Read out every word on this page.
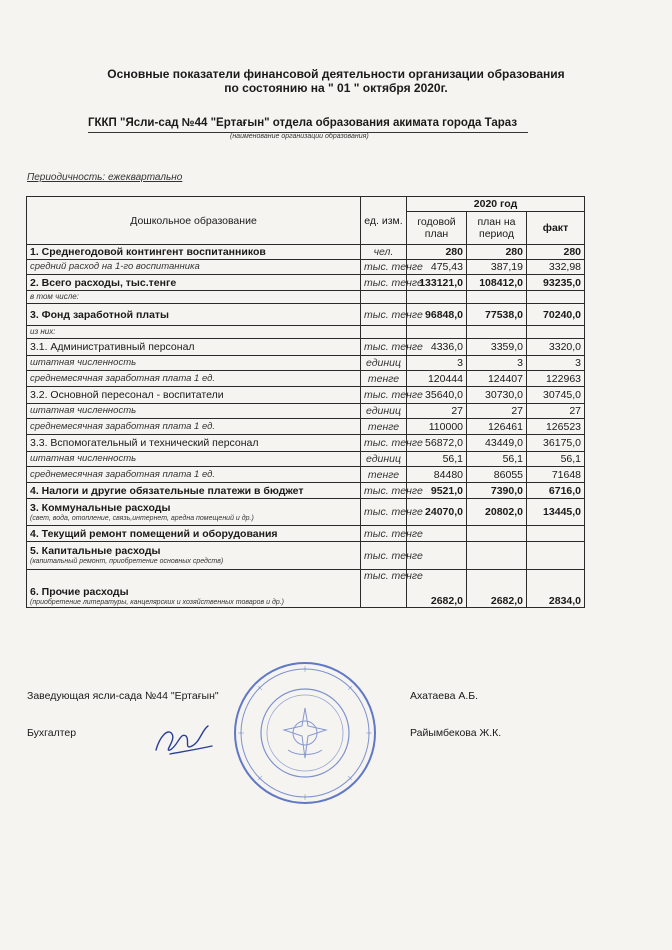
Основные показатели финансовой деятельности организации образования
по состоянию на " 01 " октября 2020г.
ГККП "Ясли-сад №44 "Ертағын" отдела образования акимата города Тараз
(наименование организации образования)
Периодичность: ежеквартально
Дошкольное образование	ед. изм.	2020 год		
		годовой план	план на период	факт
1. Среднегодовой контингент воспитанников	чел.	280	280	280
средний расход на 1-го воспитанника	тыс. тенге	475,43	387,19	332,98
2. Всего расходы, тыс.тенге	тыс. тенге	133121,0	108412,0	93235,0
в том числе:				
3. Фонд заработной платы	тыс. тенге	96848,0	77538,0	70240,0
из них:				
3.1. Административный персонал	тыс. тенге	4336,0	3359,0	3320,0
штатная численность	единиц	3	3	3
среднемесячная заработная плата 1 ед.	тенге	120444	124407	122963
3.2. Основной пересонал - воспитатели	тыс. тенге	35640,0	30730,0	30745,0
штатная численность	единиц	27	27	27
среднемесячная заработная плата 1 ед.	тенге	110000	126461	126523
3.3. Вспомогательный и технический персонал	тыс. тенге	56872,0	43449,0	36175,0
штатная численность	единиц	56,1	56,1	56,1
среднемесячная заработная плата 1 ед.	тенге	84480	86055	71648
4. Налоги и другие обязательные платежи в бюджет	тыс. тенге	9521,0	7390,0	6716,0
3. Коммунальные расходы
(свет, вода, отопление, связь,интернет, аредна помещений и др.)	тыс. тенге	24070,0	20802,0	13445,0
4. Текущий ремонт помещений и оборудования	тыс. тенге			
5. Капитальные расходы
(капитальный ремонт, приобретение основных средств)	тыс. тенге			
6. Прочие расходы
(приобретение литературы, канцелярских и хозяйственных товаров и др.)	тыс. тенге	2682,0	2682,0	2834,0
Заведующая ясли-сада №44 "Ертағын"	Ахатаева А.Б.
Бухгалтер	Райымбекова Ж.К.
